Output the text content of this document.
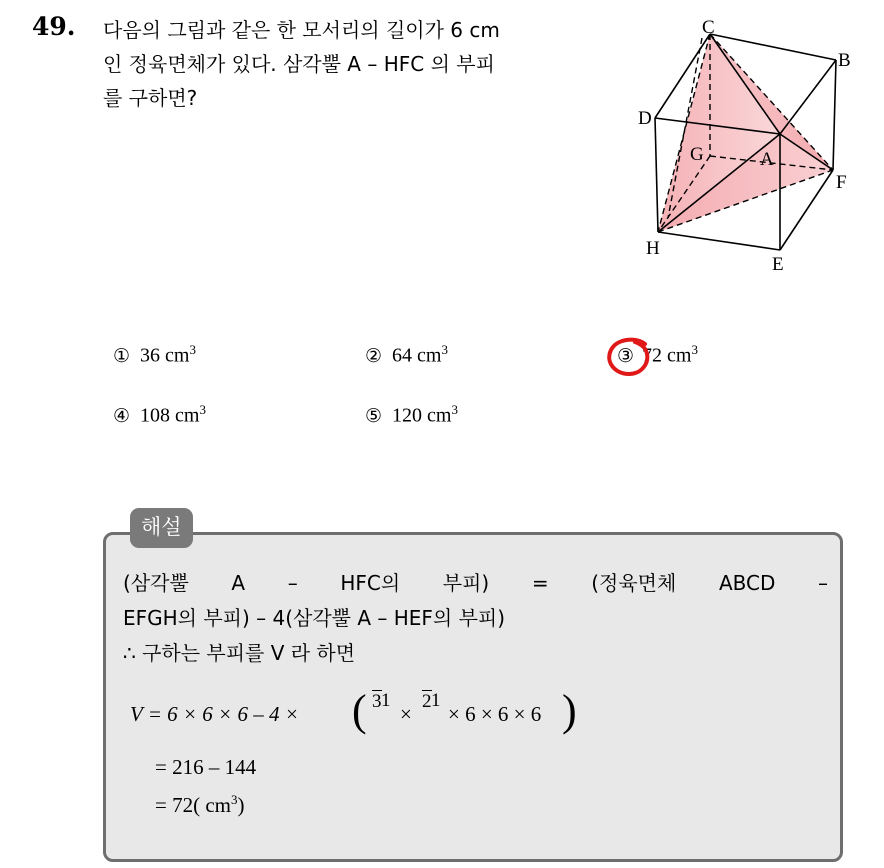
49. 다음의 그림과 같은 한 모서리의 길이가 6 cm
인 정육면체가 있다. 삼각뿔 A – HFC 의 부피
를 구하면?
C
B
D
A
G
F
H
E
① 36 $cm^3$	② 64 $cm^3$	③ 72 $cm^3$
④ 108 $cm^3$	⑤ 120 $cm^3$
해설
(삼각뿔 A – HFC의 부피) = (정육면체 ABCD –
EFGH의 부피) – 4(삼각뿔 A – HEF의 부피)
∴ 구하는 부피를 V 라 하면
V = 6 × 6 × 6 – 4 × ( 1
3
×
1
2
× 6 × 6 × 6 )
= 216 – 144
= 72( $cm^3$)
